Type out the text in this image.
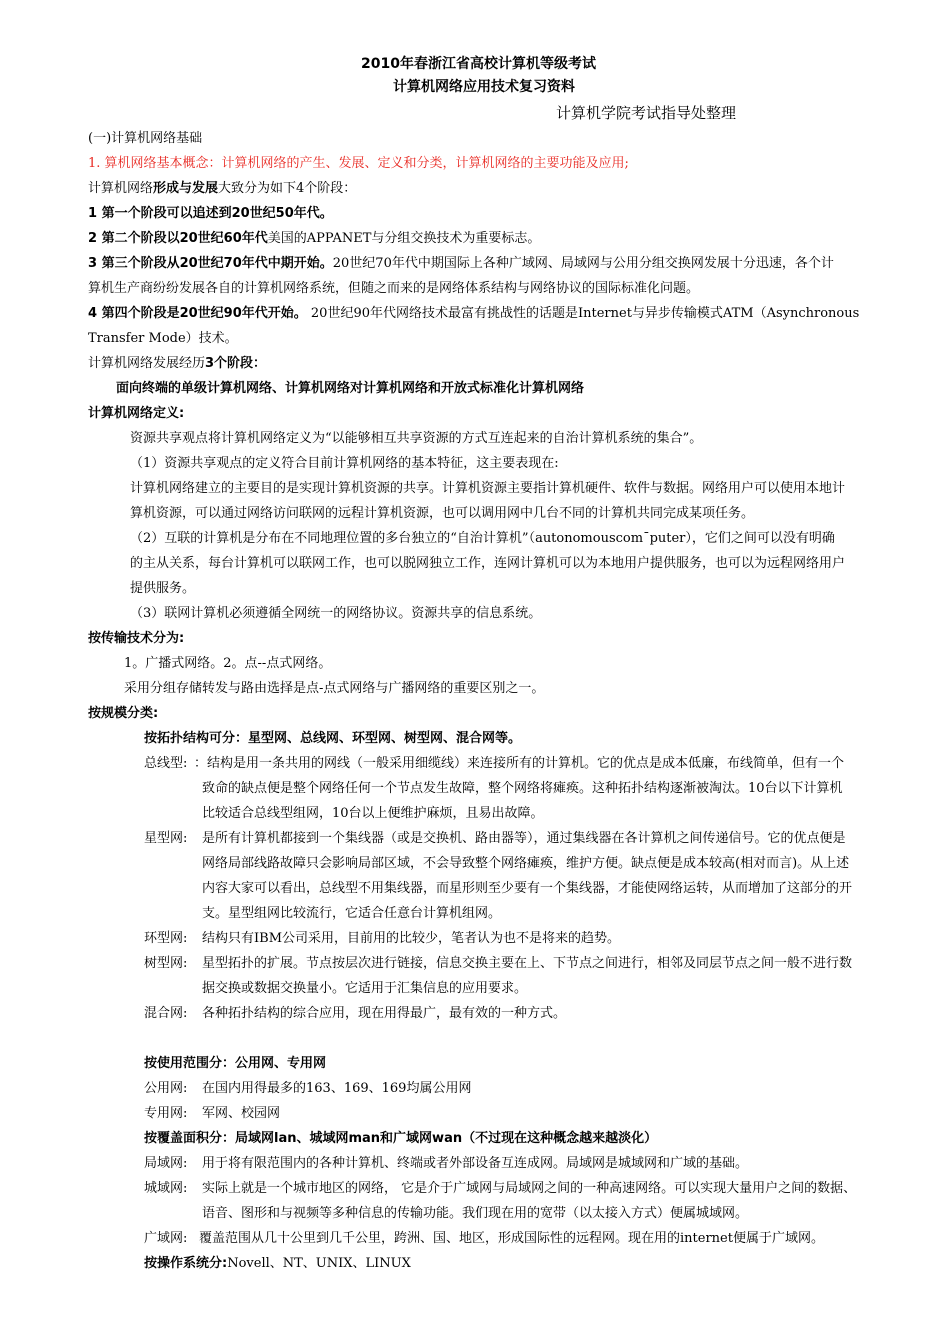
2010年春浙江省高校计算机等级考试
计算机网络应用技术复习资料
计算机学院考试指导处整理
(一)计算机网络基础
1. 算机网络基本概念：计算机网络的产生、发展、定义和分类，计算机网络的主要功能及应用;
计算机网络形成与发展大致分为如下4个阶段：
1 第一个阶段可以追述到20世纪50年代。
2 第二个阶段以20世纪60年代美国的APPANET与分组交换技术为重要标志。
3 第三个阶段从20世纪70年代中期开始。20世纪70年代中期国际上各种广域网、局域网与公用分组交换网发展十分迅速，各个计
算机生产商纷纷发展各自的计算机网络系统，但随之而来的是网络体系结构与网络协议的国际标准化问题。
4 第四个阶段是20世纪90年代开始。 20世纪90年代网络技术最富有挑战性的话题是Internet与异步传输模式ATM（Asynchronous
Transfer Mode）技术。
计算机网络发展经历3个阶段：
面向终端的单级计算机网络、计算机网络对计算机网络和开放式标准化计算机网络
计算机网络定义:
资源共享观点将计算机网络定义为“以能够相互共享资源的方式互连起来的自治计算机系统的集合”。
（1）资源共享观点的定义符合目前计算机网络的基本特征，这主要表现在:
计算机网络建立的主要目的是实现计算机资源的共享。计算机资源主要指计算机硬件、软件与数据。网络用户可以使用本地计
算机资源，可以通过网络访问联网的远程计算机资源，也可以调用网中几台不同的计算机共同完成某项任务。
（2）互联的计算机是分布在不同地理位置的多台独立的“自治计算机”（autonomouscom¯puter），它们之间可以没有明确
的主从关系，每台计算机可以联网工作，也可以脱网独立工作，连网计算机可以为本地用户提供服务，也可以为远程网络用户
提供服务。
（3）联网计算机必须遵循全网统一的网络协议。资源共享的信息系统。
按传输技术分为:
1。广播式网络。2。点--点式网络。
采用分组存储转发与路由选择是点-点式网络与广播网络的重要区别之一。
按规模分类:
按拓扑结构可分：星型网、总线网、环型网、树型网、混合网等。
总线型: ：结构是用一条共用的网线（一般采用细缆线）来连接所有的计算机。它的优点是成本低廉，布线简单，但有一个
致命的缺点便是整个网络任何一个节点发生故障，整个网络将瘫痪。这种拓扑结构逐渐被淘汰。10台以下计算机
比较适合总线型组网，10台以上便维护麻烦，且易出故障。
星型网: 是所有计算机都接到一个集线器（或是交换机、路由器等），通过集线器在各计算机之间传递信号。它的优点便是
网络局部线路故障只会影响局部区域，不会导致整个网络瘫痪，维护方便。缺点便是成本较高(相对而言)。从上述
内容大家可以看出，总线型不用集线器，而星形则至少要有一个集线器，才能使网络运转，从而增加了这部分的开
支。星型组网比较流行，它适合任意台计算机组网。
环型网: 结构只有IBM公司采用，目前用的比较少，笔者认为也不是将来的趋势。
树型网: 星型拓扑的扩展。节点按层次进行链接，信息交换主要在上、下节点之间进行，相邻及同层节点之间一般不进行数
据交换或数据交换量小。它适用于汇集信息的应用要求。
混合网: 各种拓扑结构的综合应用，现在用得最广，最有效的一种方式。
按使用范围分：公用网、专用网
公用网: 在国内用得最多的163、169、169均属公用网
专用网: 军网、校园网
按覆盖面积分：局域网lan、城域网man和广域网wan（不过现在这种概念越来越淡化）
局域网: 用于将有限范围内的各种计算机、终端或者外部设备互连成网。局域网是城域网和广域的基础。
城域网: 实际上就是一个城市地区的网络， 它是介于广域网与局域网之间的一种高速网络。可以实现大量用户之间的数据、
语音、图形和与视频等多种信息的传输功能。我们现在用的宽带（以太接入方式）便属城域网。
广域网: 覆盖范围从几十公里到几千公里，跨洲、国、地区，形成国际性的远程网。现在用的internet便属于广域网。
按操作系统分:Novell、NT、UNIX、LINUX
